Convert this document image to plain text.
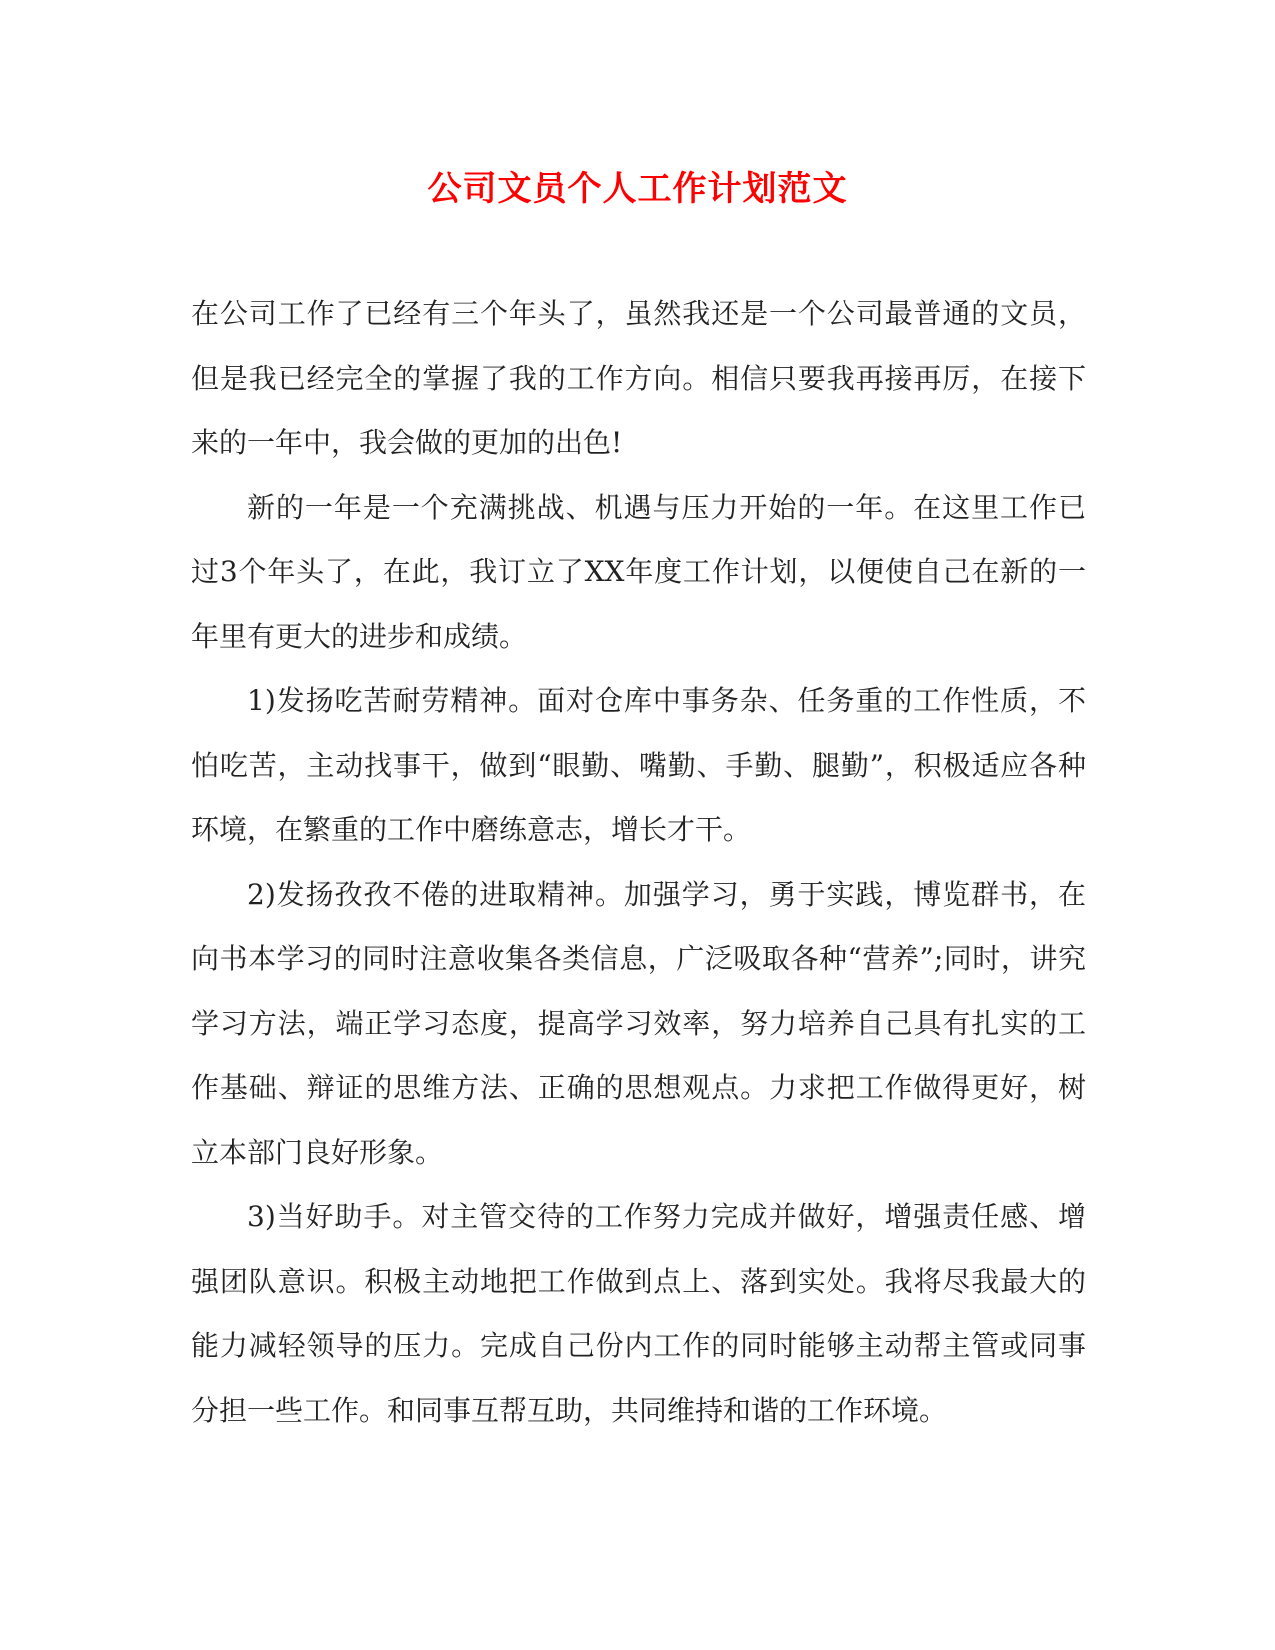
公司文员个人工作计划范文

在公司工作了已经有三个年头了，虽然我还是一个公司最普通的文员，但是我已经完全的掌握了我的工作方向。相信只要我再接再厉，在接下来的一年中，我会做的更加的出色!

新的一年是一个充满挑战、机遇与压力开始的一年。在这里工作已过3个年头了，在此，我订立了XX年度工作计划，以便使自己在新的一年里有更大的进步和成绩。

1)发扬吃苦耐劳精神。面对仓库中事务杂、任务重的工作性质，不怕吃苦，主动找事干，做到“眼勤、嘴勤、手勤、腿勤”，积极适应各种环境，在繁重的工作中磨练意志，增长才干。

2)发扬孜孜不倦的进取精神。加强学习，勇于实践，博览群书，在向书本学习的同时注意收集各类信息，广泛吸取各种“营养”;同时，讲究学习方法，端正学习态度，提高学习效率，努力培养自己具有扎实的工作基础、辩证的思维方法、正确的思想观点。力求把工作做得更好，树立本部门良好形象。

3)当好助手。对主管交待的工作努力完成并做好，增强责任感、增强团队意识。积极主动地把工作做到点上、落到实处。我将尽我最大的能力减轻领导的压力。完成自己份内工作的同时能够主动帮主管或同事分担一些工作。和同事互帮互助，共同维持和谐的工作环境。
